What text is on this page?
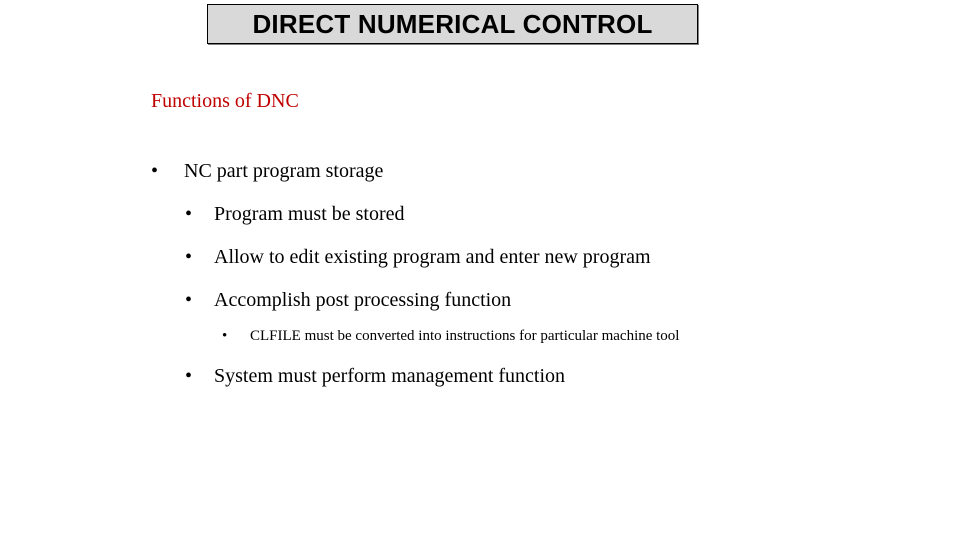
DIRECT NUMERICAL CONTROL
Functions of DNC
•	NC part program storage
•	Program must be stored
•	Allow to edit existing program and enter new program
•	Accomplish post processing function
•	CLFILE must be converted into instructions for particular machine tool
•	System must perform management function
